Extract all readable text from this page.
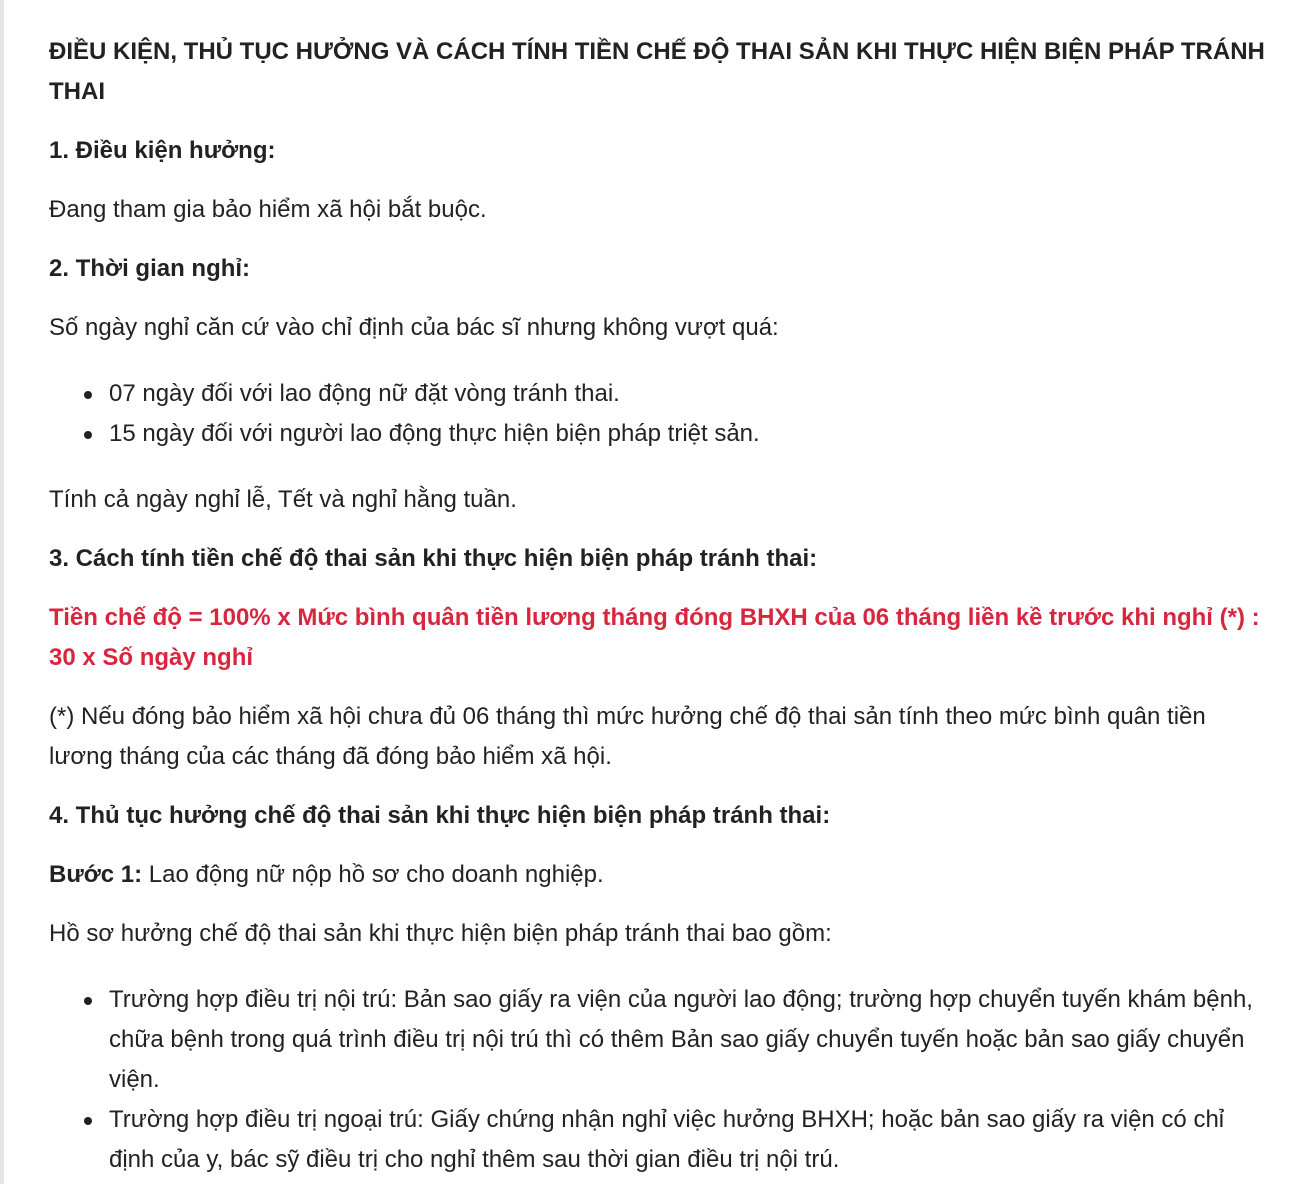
ĐIỀU KIỆN, THỦ TỤC HƯỞNG VÀ CÁCH TÍNH TIỀN CHẾ ĐỘ THAI SẢN KHI THỰC HIỆN BIỆN PHÁP TRÁNH THAI

1. Điều kiện hưởng:

Đang tham gia bảo hiểm xã hội bắt buộc.

2. Thời gian nghỉ:

Số ngày nghỉ căn cứ vào chỉ định của bác sĩ nhưng không vượt quá:

07 ngày đối với lao động nữ đặt vòng tránh thai.
15 ngày đối với người lao động thực hiện biện pháp triệt sản.

Tính cả ngày nghỉ lễ, Tết và nghỉ hằng tuần.

3. Cách tính tiền chế độ thai sản khi thực hiện biện pháp tránh thai:

Tiền chế độ = 100% x Mức bình quân tiền lương tháng đóng BHXH của 06 tháng liền kề trước khi nghỉ (*) : 30 x Số ngày nghỉ

(*) Nếu đóng bảo hiểm xã hội chưa đủ 06 tháng thì mức hưởng chế độ thai sản tính theo mức bình quân tiền lương tháng của các tháng đã đóng bảo hiểm xã hội.

4. Thủ tục hưởng chế độ thai sản khi thực hiện biện pháp tránh thai:

Bước 1: Lao động nữ nộp hồ sơ cho doanh nghiệp.

Hồ sơ hưởng chế độ thai sản khi thực hiện biện pháp tránh thai bao gồm:

Trường hợp điều trị nội trú: Bản sao giấy ra viện của người lao động; trường hợp chuyển tuyến khám bệnh, chữa bệnh trong quá trình điều trị nội trú thì có thêm Bản sao giấy chuyển tuyến hoặc bản sao giấy chuyển viện.
Trường hợp điều trị ngoại trú: Giấy chứng nhận nghỉ việc hưởng BHXH; hoặc bản sao giấy ra viện có chỉ định của y, bác sỹ điều trị cho nghỉ thêm sau thời gian điều trị nội trú.
